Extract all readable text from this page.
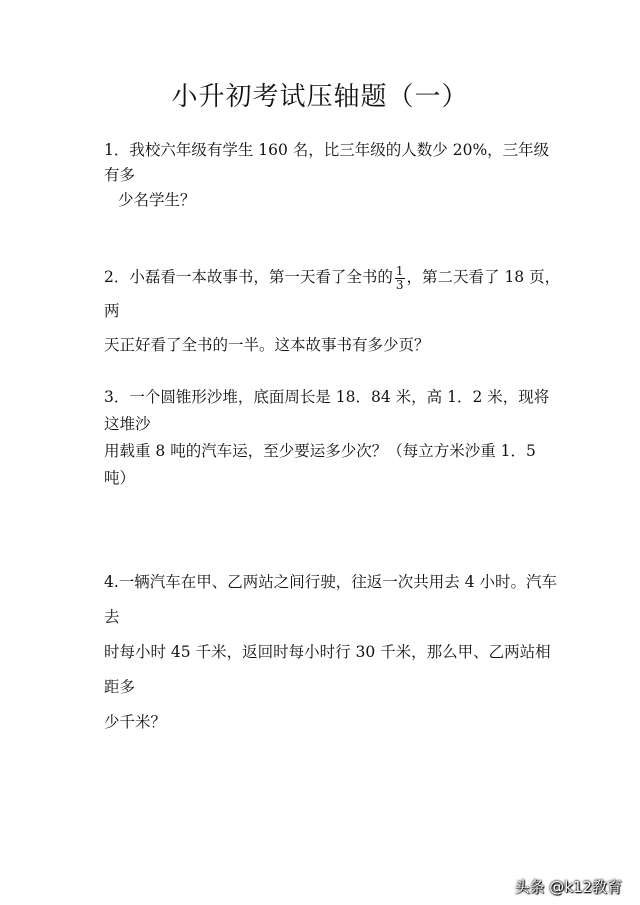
小升初考试压轴题（一）
1．我校六年级有学生 160 名，比三年级的人数少 20%，三年级有多
少名学生？
2．小磊看一本故事书，第一天看了全书的 $\frac{1}{3}$ ，第二天看了 18 页，两
天正好看了全书的一半。这本故事书有多少页？
3．一个圆锥形沙堆，底面周长是 18．84 米，高 1．2 米，现将这堆沙
用载重 8 吨的汽车运，至少要运多少次？（每立方米沙重 1．5 吨）
4.一辆汽车在甲、乙两站之间行驶，往返一次共用去 4 小时。汽车去
时每小时 45 千米，返回时每小时行 30 千米，那么甲、乙两站相距多
少千米？
头条 @k12教育
